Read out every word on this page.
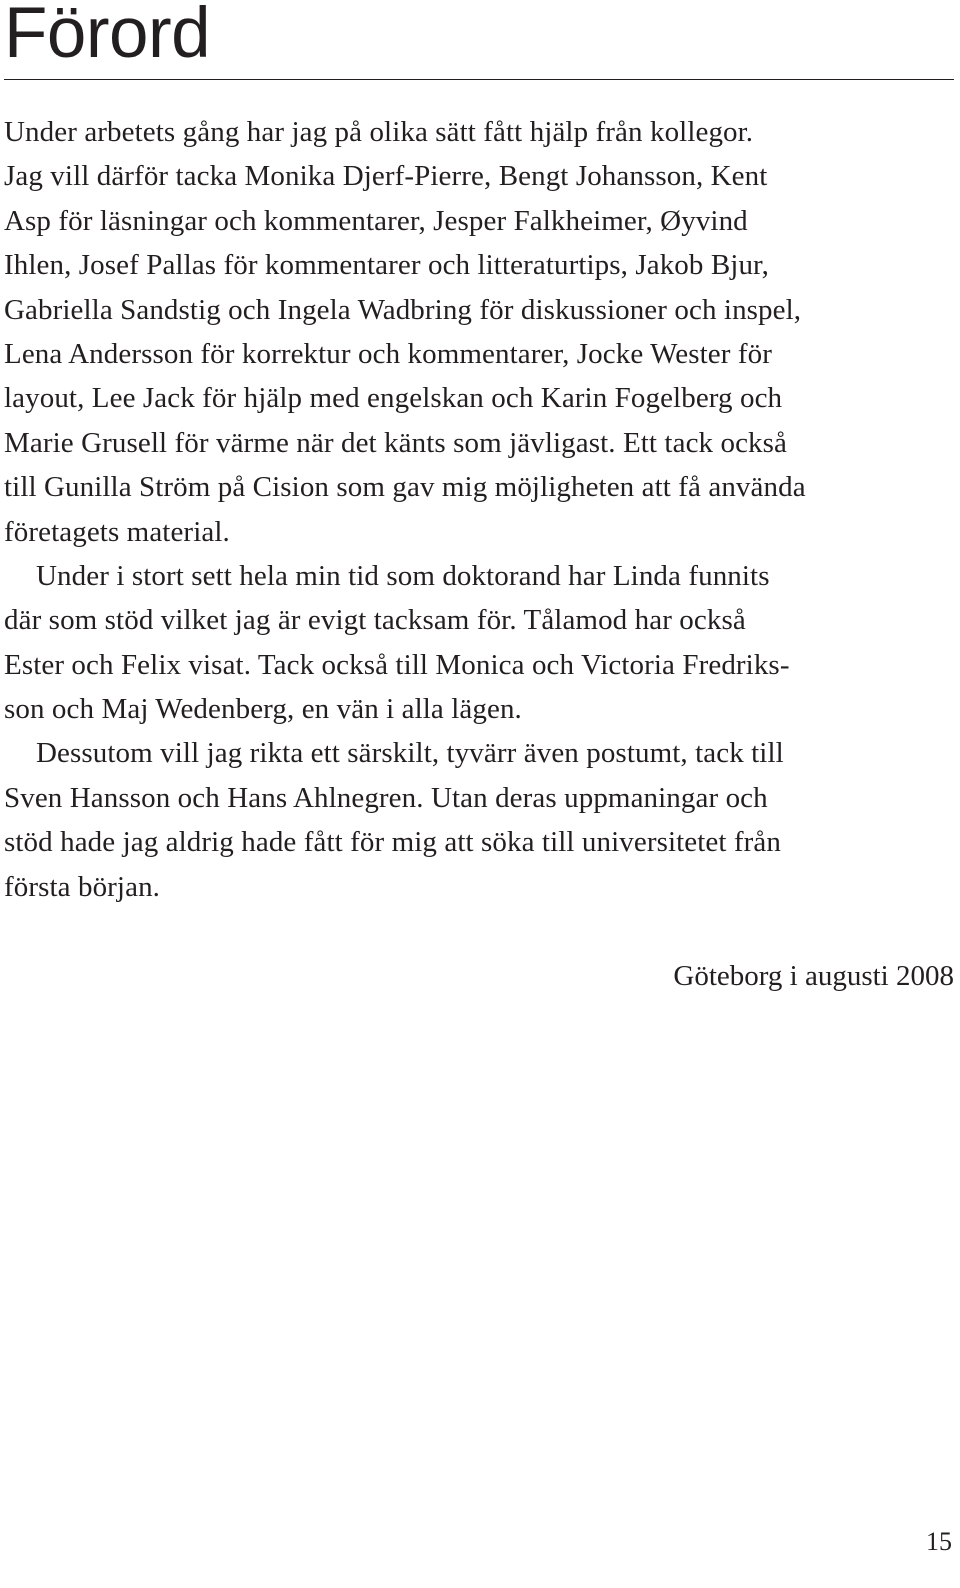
Förord
Under arbetets gång har jag på olika sätt fått hjälp från kollegor.
Jag vill därför tacka Monika Djerf-Pierre, Bengt Johansson, Kent
Asp för läsningar och kommentarer, Jesper Falkheimer, Øyvind
Ihlen, Josef Pallas för kommentarer och litteraturtips, Jakob Bjur,
Gabriella Sandstig och Ingela Wadbring för diskussioner och inspel,
Lena Andersson för korrektur och kommentarer, Jocke Wester för
layout, Lee Jack för hjälp med engelskan och Karin Fogelberg och
Marie Grusell för värme när det känts som jävligast. Ett tack också
till Gunilla Ström på Cision som gav mig möjligheten att få använda
företagets material.
Under i stort sett hela min tid som doktorand har Linda funnits
där som stöd vilket jag är evigt tacksam för. Tålamod har också
Ester och Felix visat. Tack också till Monica och Victoria Fredriks-
son och Maj Wedenberg, en vän i alla lägen.
Dessutom vill jag rikta ett särskilt, tyvärr även postumt, tack till
Sven Hansson och Hans Ahlnegren. Utan deras uppmaningar och
stöd hade jag aldrig hade fått för mig att söka till universitetet från
första början.
Göteborg i augusti 2008
15
